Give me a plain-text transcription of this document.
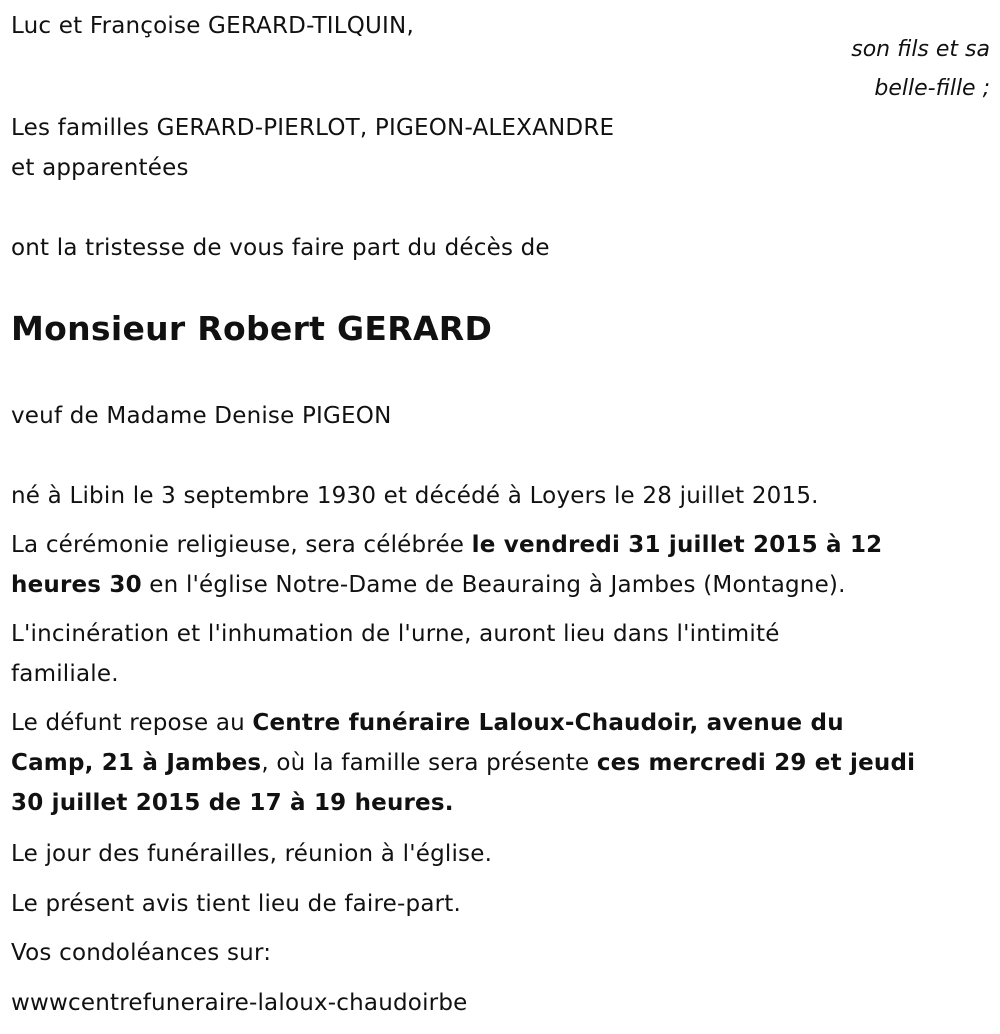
Luc et Françoise GERARD-TILQUIN,
son fils et sa
belle-fille ;
Les familles GERARD-PIERLOT, PIGEON-ALEXANDRE
et apparentées
ont la tristesse de vous faire part du décès de
Monsieur Robert GERARD
veuf de Madame Denise PIGEON
né à Libin le 3 septembre 1930 et décédé à Loyers le 28 juillet 2015.
La cérémonie religieuse, sera célébrée le vendredi 31 juillet 2015 à 12
heures 30 en l'église Notre-Dame de Beauraing à Jambes (Montagne).
L'incinération et l'inhumation de l'urne, auront lieu dans l'intimité
familiale.
Le défunt repose au Centre funéraire Laloux-Chaudoir, avenue du
Camp, 21 à Jambes, où la famille sera présente ces mercredi 29 et jeudi
30 juillet 2015 de 17 à 19 heures.
Le jour des funérailles, réunion à l'église.
Le présent avis tient lieu de faire-part.
Vos condoléances sur:
wwwcentrefuneraire-laloux-chaudoirbe
